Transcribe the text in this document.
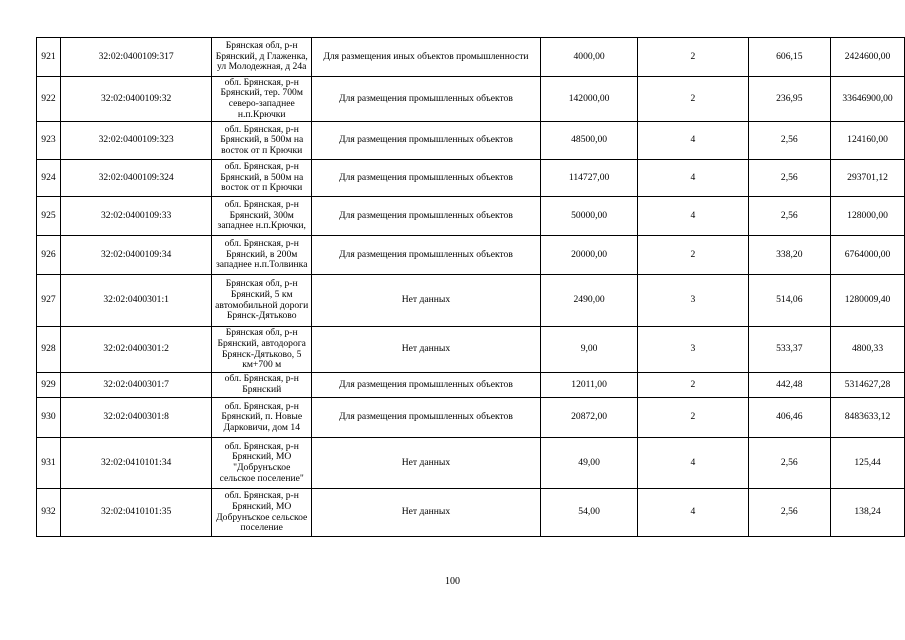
921	32:02:0400109:317	Брянская обл, р-н Брянский, д Глаженка, ул Молодежная, д 24а	Для размещения иных объектов промышленности	4000,00	2	606,15	2424600,00
922	32:02:0400109:32	обл. Брянская, р-н Брянский, тер. 700м северо-западнее н.п.Крючки	Для размещения промышленных объектов	142000,00	2	236,95	33646900,00
923	32:02:0400109:323	обл. Брянская, р-н Брянский, в 500м на восток от п Крючки	Для размещения промышленных объектов	48500,00	4	2,56	124160,00
924	32:02:0400109:324	обл. Брянская, р-н Брянский, в 500м на восток от п Крючки	Для размещения промышленных объектов	114727,00	4	2,56	293701,12
925	32:02:0400109:33	обл. Брянская, р-н Брянский, 300м западнее н.п.Крючки,	Для размещения промышленных объектов	50000,00	4	2,56	128000,00
926	32:02:0400109:34	обл. Брянская, р-н Брянский, в 200м западнее н.п.Толвинка	Для размещения промышленных объектов	20000,00	2	338,20	6764000,00
927	32:02:0400301:1	Брянская обл, р-н Брянский, 5 км автомобильной дороги Брянск-Дятьково	Нет данных	2490,00	3	514,06	1280009,40
928	32:02:0400301:2	Брянская обл, р-н Брянский, автодорога Брянск-Дятьково, 5 км+700 м	Нет данных	9,00	3	533,37	4800,33
929	32:02:0400301:7	обл. Брянская, р-н Брянский	Для размещения промышленных объектов	12011,00	2	442,48	5314627,28
930	32:02:0400301:8	обл. Брянская, р-н Брянский, п. Новые Дарковичи, дом 14	Для размещения промышленных объектов	20872,00	2	406,46	8483633,12
931	32:02:0410101:34	обл. Брянская, р-н Брянский, МО "Добрунъское сельское поселение"	Нет данных	49,00	4	2,56	125,44
932	32:02:0410101:35	обл. Брянская, р-н Брянский, МО Добрунъское сельское поселение	Нет данных	54,00	4	2,56	138,24
100
